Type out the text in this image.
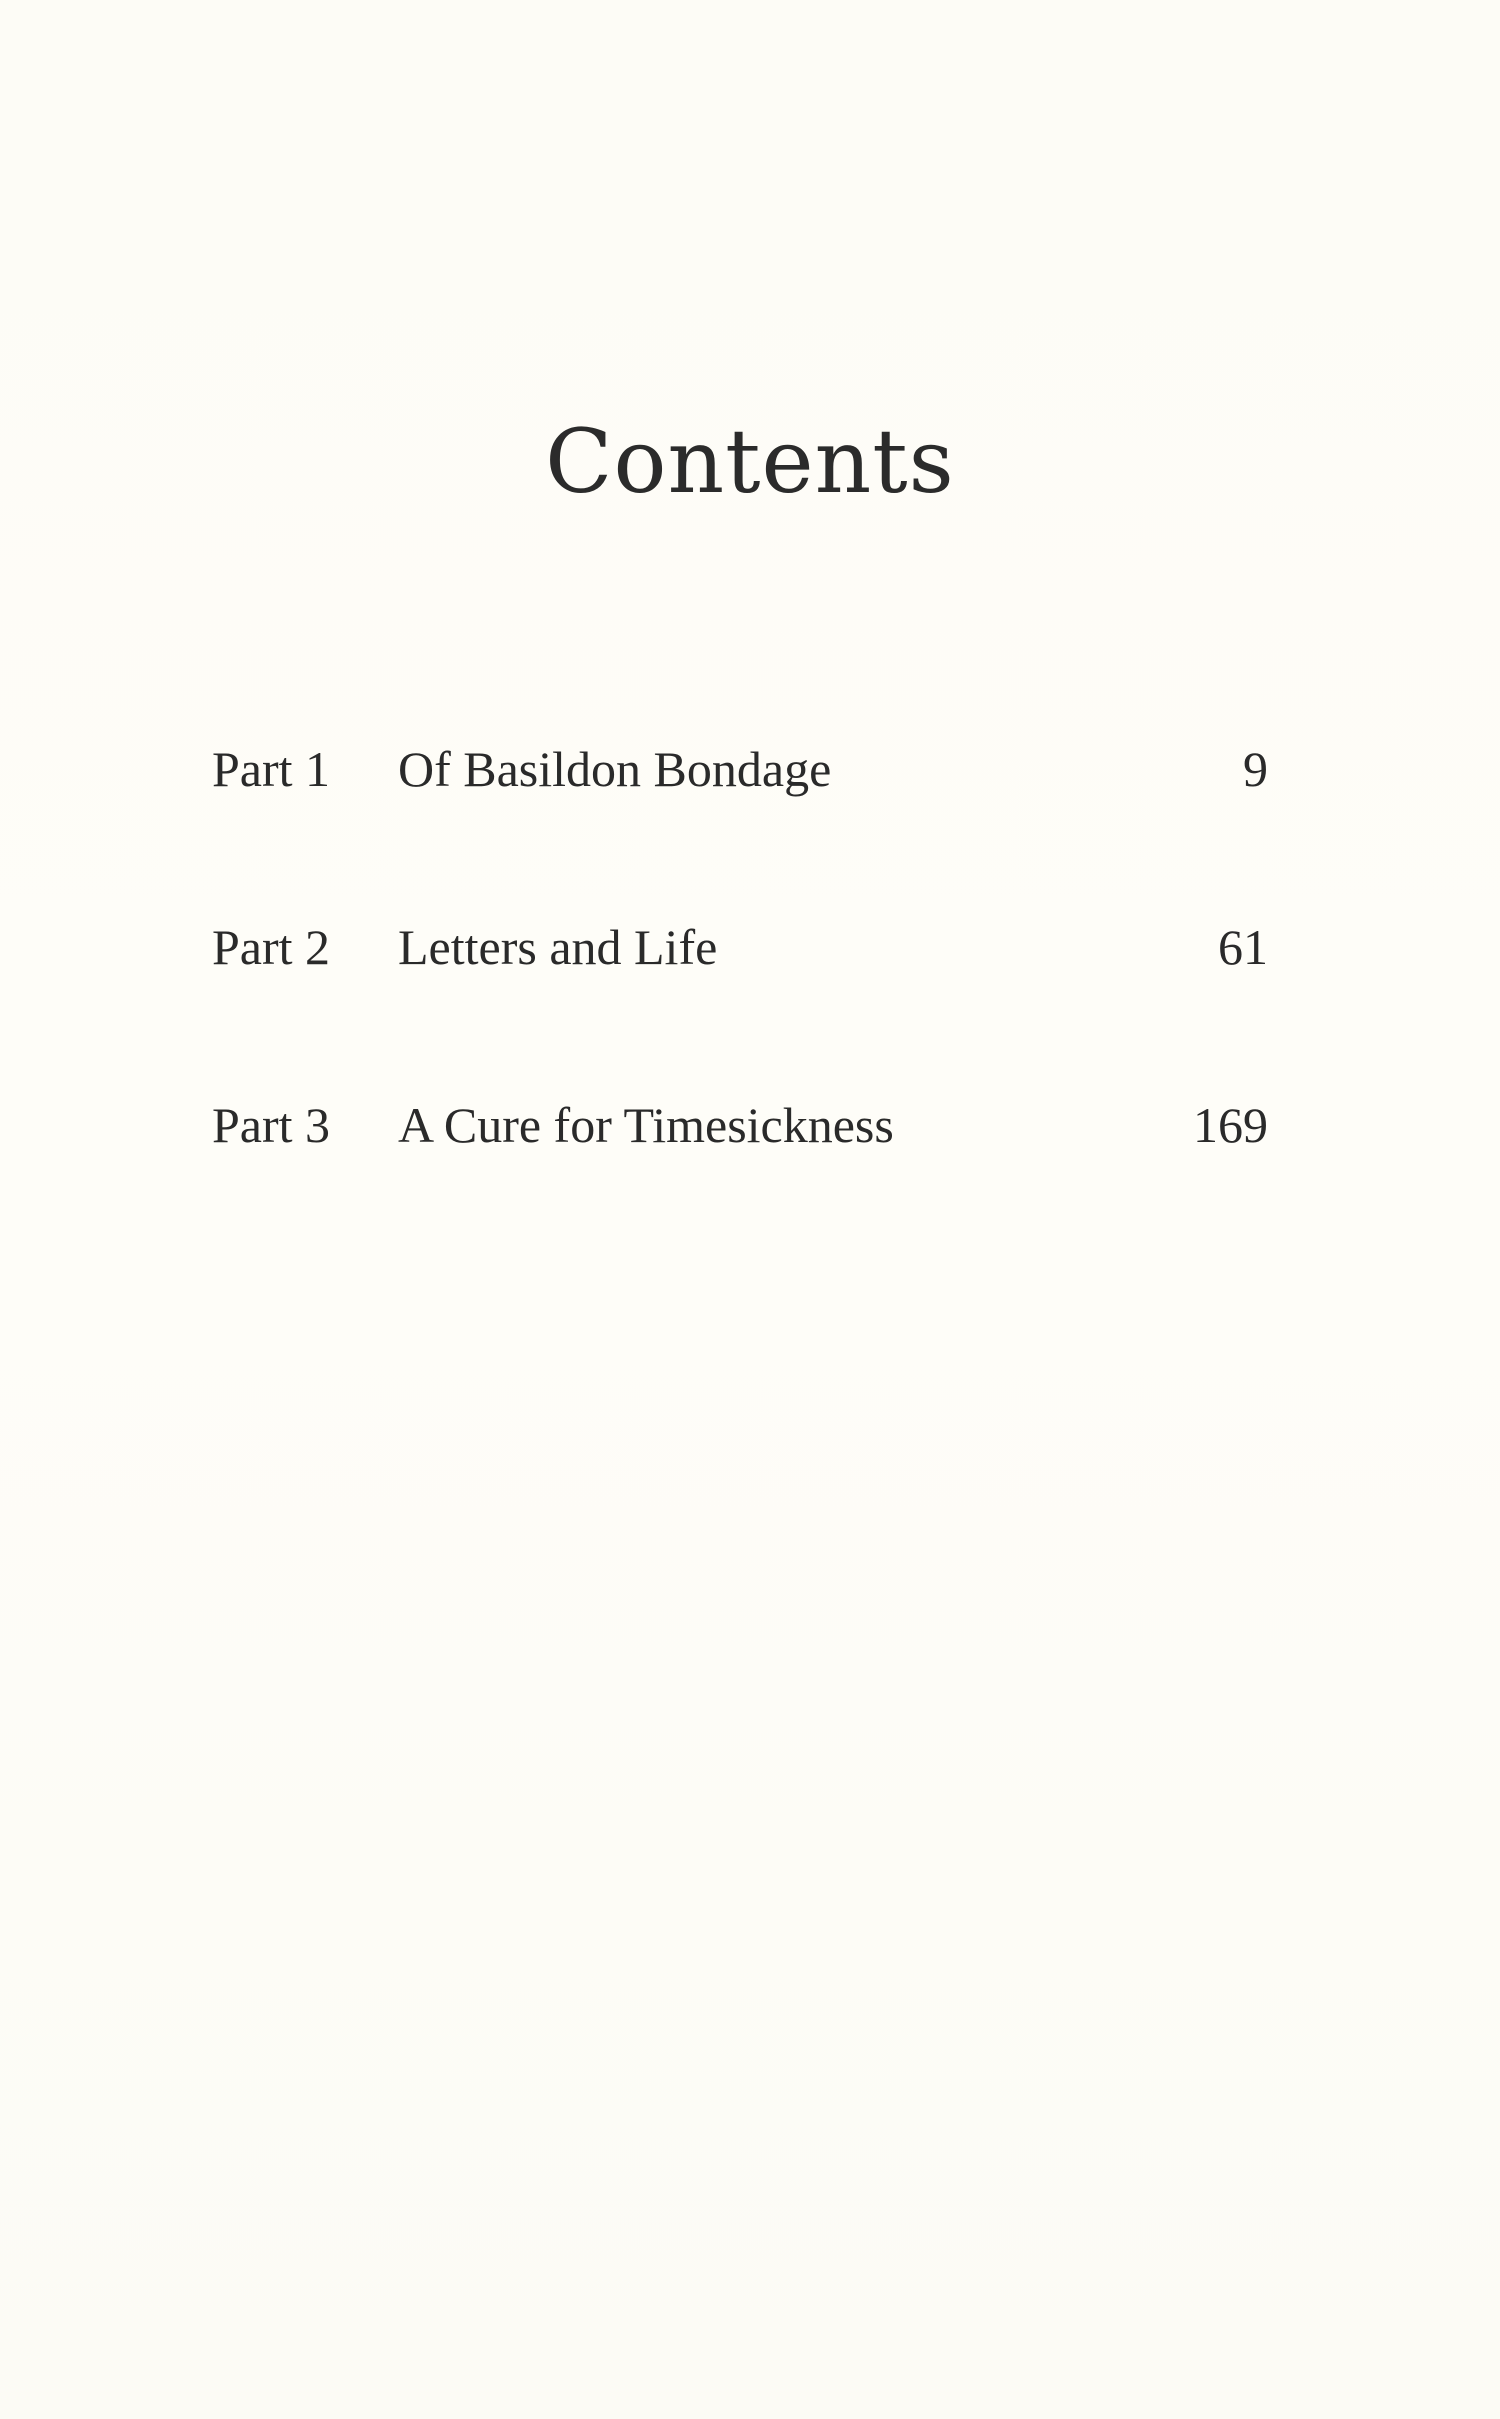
Contents
Part 1 Of Basildon Bondage	9
Part 2 Letters and Life	61
Part 3 A Cure for Timesickness	169
